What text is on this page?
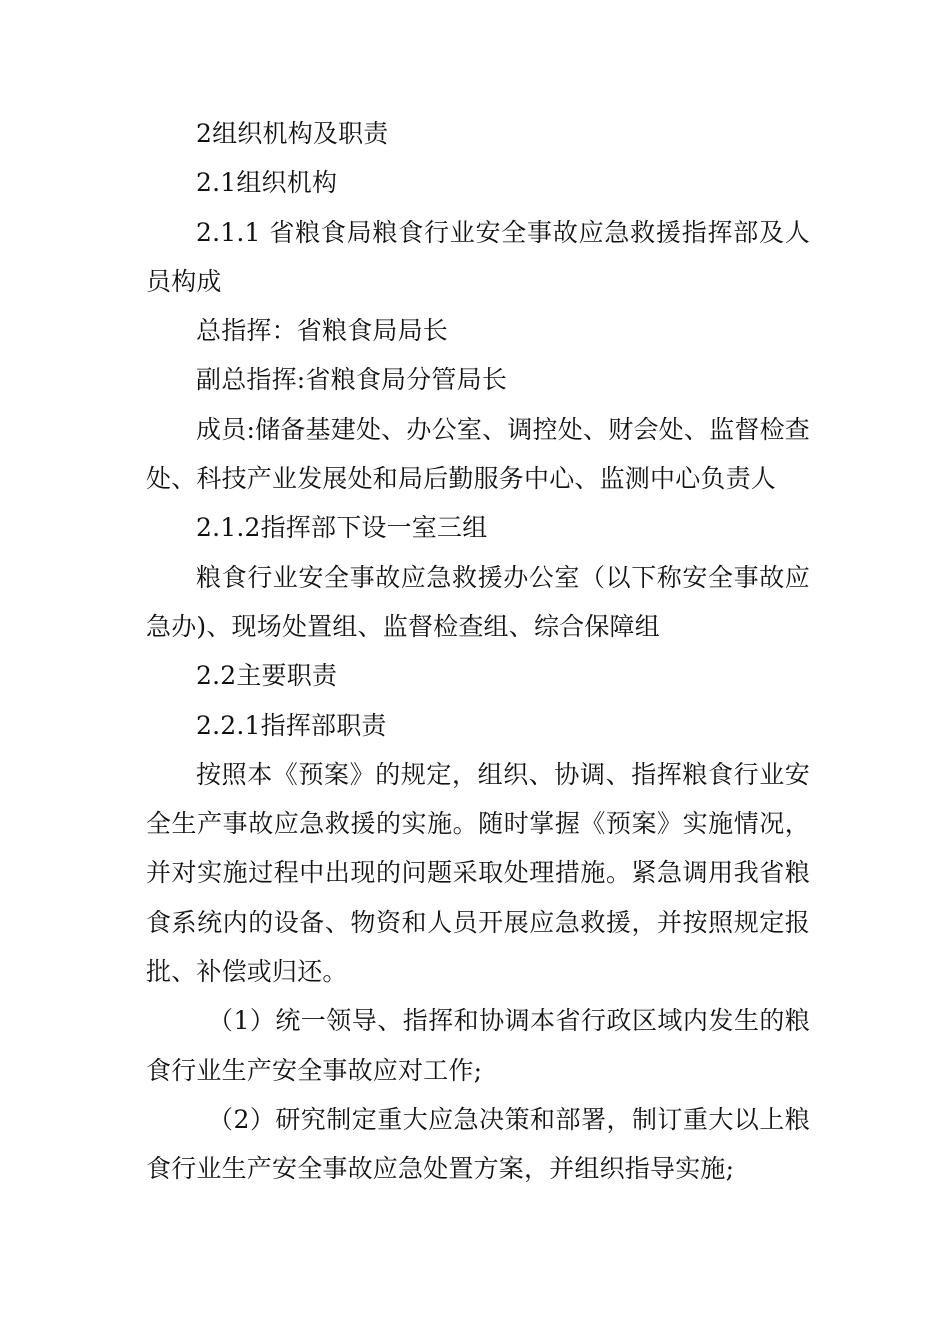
2组织机构及职责

2.1组织机构

2.1.1 省粮食局粮食行业安全事故应急救援指挥部及人员构成

总指挥：省粮食局局长

副总指挥:省粮食局分管局长

成员:储备基建处、办公室、调控处、财会处、监督检查处、科技产业发展处和局后勤服务中心、监测中心负责人

2.1.2指挥部下设一室三组

粮食行业安全事故应急救援办公室（以下称安全事故应急办)、现场处置组、监督检查组、综合保障组

2.2主要职责

2.2.1指挥部职责

按照本《预案》的规定，组织、协调、指挥粮食行业安全生产事故应急救援的实施。随时掌握《预案》实施情况，并对实施过程中出现的问题采取处理措施。紧急调用我省粮食系统内的设备、物资和人员开展应急救援，并按照规定报批、补偿或归还。

（1）统一领导、指挥和协调本省行政区域内发生的粮食行业生产安全事故应对工作;

（2）研究制定重大应急决策和部署，制订重大以上粮食行业生产安全事故应急处置方案，并组织指导实施;
